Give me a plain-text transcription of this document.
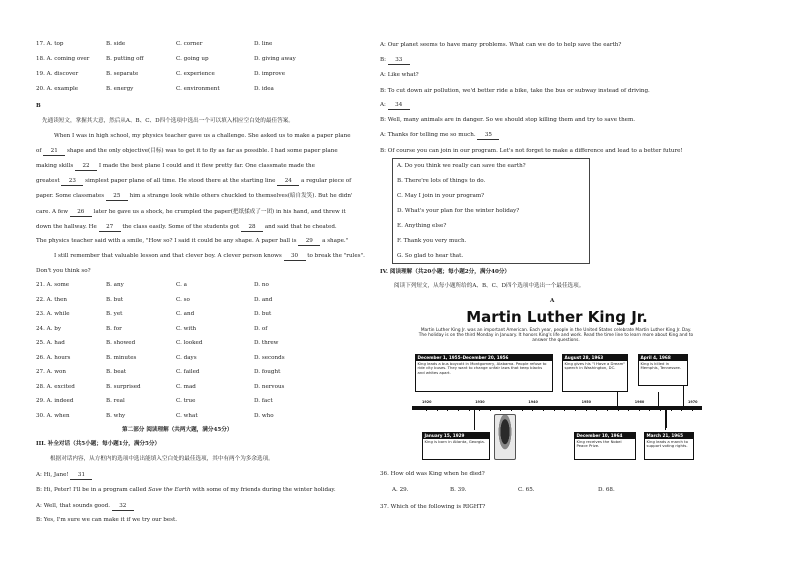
17. A. top	B. side	C. corner	D. line
18. A. coming over	B. putting off	C. going up	D. giving away
19. A. discover	B. separate	C. experience	D. improve
20. A. example	B. energy	C. environment	D. idea
B
先通读短文，掌握其大意，然后从A、B、C、D四个选项中选出一个可以填入相应空白处的最佳答案。
When I was in high school, my physics teacher gave us a challenge. She asked us to make a paper plane
of 21 shape and the only objective(目标) was to get it to fly as far as possible. I had some paper plane
making skills 22 I made the best plane I could and it flew pretty far. One classmate made the
greatest 23 simplest paper plane of all time. He stood there at the starting line 24 a regular piece of
paper. Some classmates 25 him a strange look while others chuckled to themselves(暗自发笑). But he didn'
care. A few 26 later he gave us a shock, he crumpled the paper(把纸揉成了一团) in his hand, and threw it
down the hallway. He 27 the class easily. Some of the students got 28 and said that he cheated.
The physics teacher said with a smile, "How so? I said it could be any shape. A paper ball is 29 a shape."
I still remember that valuable lesson and that clever boy. A clever person knows 30 to break the "rules".
Don't you think so?
21. A. some	B. any	C. a	D. no
22. A. then	B. but	C. so	D. and
23. A. while	B. yet	C. and	D. but
24. A. by	B. for	C. with	D. of
25. A. had	B. showed	C. looked	D. threw
26. A. hours	B. minutes	C. days	D. seconds
27. A. won	B. beat	C. failed	D. fought
28. A. excited	B. surprised	C. mad	D. nervous
29. A. indeed	B. real	C. true	D. fact
30. A. when	B. why	C. what	D. who
第二部分 阅读理解（共两大题，满分45分）
III. 补全对话（共5小题；每小题1分，满分5分）
根据对话内容，从方框内的选项中选出能填入空白处的最佳选项，其中有两个为多余选项。
A: Hi, Jane! 31
B: Hi, Peter! I'll be in a program called Save the Earth with some of my friends during the winter holiday.
A: Well, that sounds good. 32
B: Yes, I'm sure we can make it if we try our best.
A: Our planet seems to have many problems. What can we do to help save the earth?
B: 33
A: Like what?
B: To cut down air pollution, we'd better ride a bike, take the bus or subway instead of driving.
A: 34
B: Well, many animals are in danger. So we should stop killing them and try to save them.
A: Thanks for telling me so much. 35
B: Of course you can join in our program. Let's not forget to make a difference and lead to a better future!
A. Do you think we really can save the earth?
B. There're lots of things to do.
C. May I join in your program?
D. What's your plan for the winter holiday?
E. Anything else?
F. Thank you very much.
G. So glad to hear that.
IV. 阅读理解（共20小题；每小题2分，满分40分）
阅读下列短文，从每小题所给的A、B、C、D四个选项中选出一个最佳选项。
A
Martin Luther King Jr.
Martin Luther King Jr. was an important American. Each year, people in the United States celebrate Martin Luther King Jr. Day. The holiday is on the third Monday in January. It honors King's life and work. Read the time line to learn more about King and to answer the questions.
December 1, 1955–December 20, 1956
King leads a bus boycott in Montgomery, Alabama. People refuse to ride city buses. They want to change unfair laws that keep blacks and whites apart.
August 28, 1963
King gives his "I Have a Dream" speech in Washington, DC.
April 4, 1968
King is killed in Memphis, Tennessee.
1920	1930	1940	1950	1960	1970
January 15, 1929
King is born in Atlanta, Georgia.
December 10, 1964
King receives the Nobel Peace Prize.
March 21, 1965
King leads a march to support voting rights.
36. How old was King when he died?
A. 29.	B. 39.	C. 65.	D. 68.
37. Which of the following is RIGHT?
